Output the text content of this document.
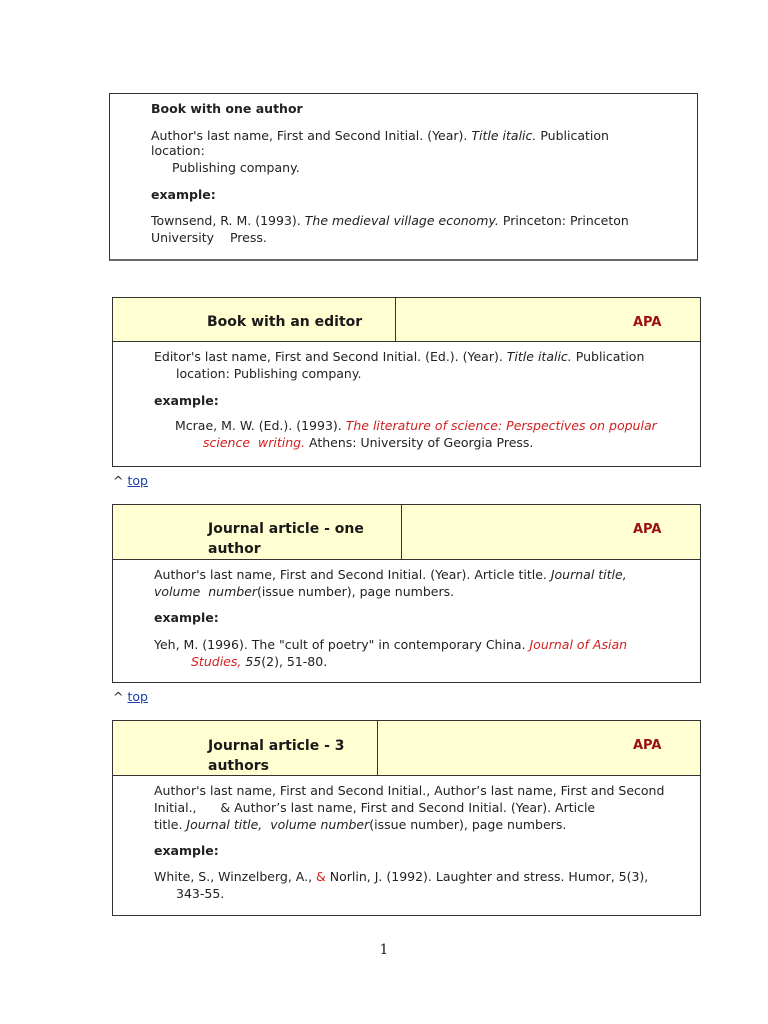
Book with one author
Author's last name, First and Second Initial. (Year). Title italic. Publication
location:
Publishing company.
example:
Townsend, R. M. (1993). The medieval village economy. Princeton: Princeton
University    Press.
Book with an editor	APA
Editor's last name, First and Second Initial. (Ed.). (Year). Title italic. Publication
location: Publishing company.
example:
Mcrae, M. W. (Ed.). (1993). The literature of science: Perspectives on popular
science  writing. Athens: University of Georgia Press.
^ top
Journal article - one
author
APA
Author's last name, First and Second Initial. (Year). Article title. Journal title,
volume  number(issue number), page numbers.
example:
Yeh, M. (1996). The "cult of poetry" in contemporary China. Journal of Asian
Studies, 55(2), 51-80.
^ top
Journal article - 3
authors
APA
Author's last name, First and Second Initial., Author’s last name, First and Second
Initial., & Author’s last name, First and Second Initial. (Year). Article
title. Journal title,  volume number(issue number), page numbers.
example:
White, S., Winzelberg, A., & Norlin, J. (1992). Laughter and stress. Humor, 5(3),
343-55.
1
